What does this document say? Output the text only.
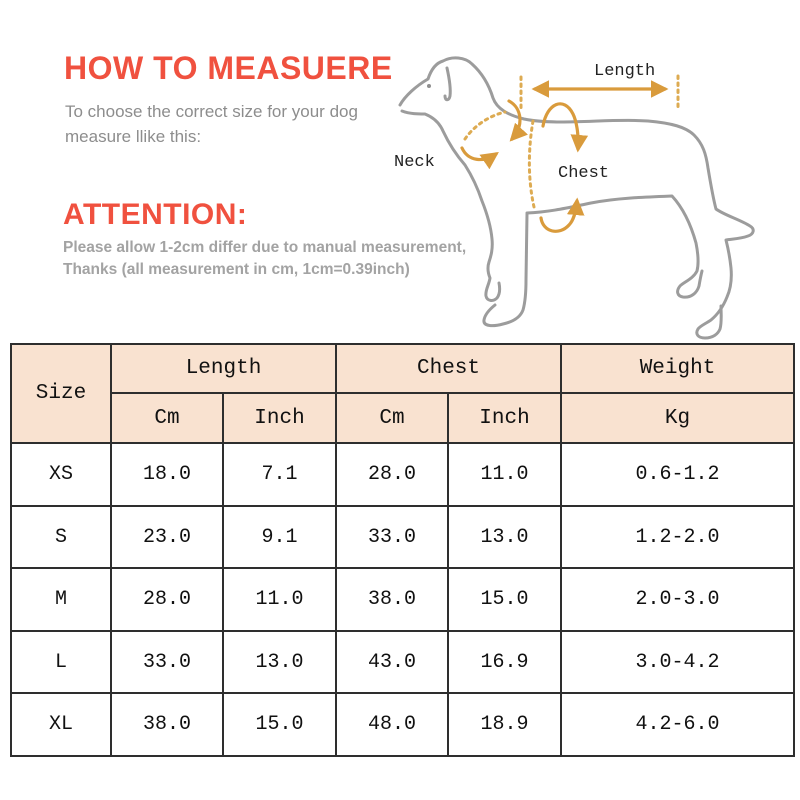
HOW TO MEASUERE
To choose the correct size for your dog
measure llike this:
ATTENTION:
Please allow 1-2cm differ due to manual measurement,
Thanks (all measurement in cm, 1cm=0.39inch)
Length
Neck
Chest
Size	Length		Chest		Weight
	Cm	Inch	Cm	Inch	Kg
XS	18.0	7.1	28.0	11.0	0.6-1.2
S	23.0	9.1	33.0	13.0	1.2-2.0
M	28.0	11.0	38.0	15.0	2.0-3.0
L	33.0	13.0	43.0	16.9	3.0-4.2
XL	38.0	15.0	48.0	18.9	4.2-6.0
